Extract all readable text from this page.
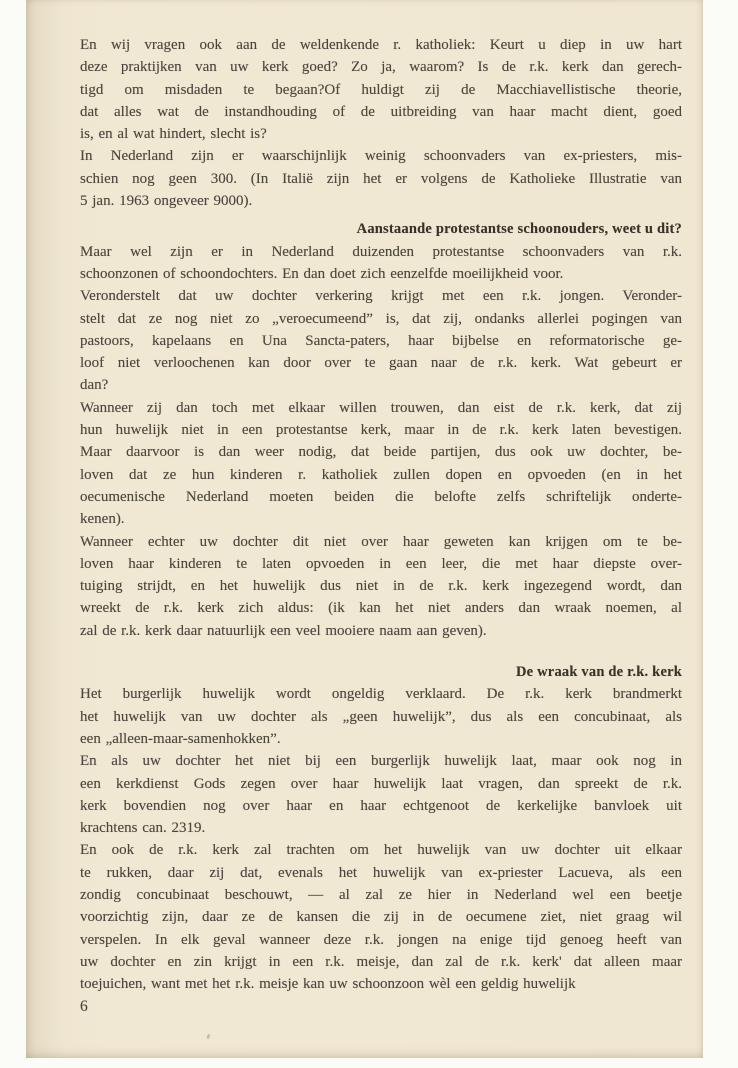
En wij vragen ook aan de weldenkende r. katholiek: Keurt u diep in uw hart
deze praktijken van uw kerk goed? Zo ja, waarom? Is de r.k. kerk dan gerech-
tigd om misdaden te begaan?Of huldigt zij de Macchiavellistische theorie,
dat alles wat de instandhouding of de uitbreiding van haar macht dient, goed
is, en al wat hindert, slecht is?
In Nederland zijn er waarschijnlijk weinig schoonvaders van ex-priesters, mis-
schien nog geen 300. (In Italië zijn het er volgens de Katholieke Illustratie van
5 jan. 1963 ongeveer 9000).
Aanstaande protestantse schoonouders, weet u dit?
Maar wel zijn er in Nederland duizenden protestantse schoonvaders van r.k.
schoonzonen of schoondochters. En dan doet zich eenzelfde moeilijkheid voor.
Veronderstelt dat uw dochter verkering krijgt met een r.k. jongen. Veronder-
stelt dat ze nog niet zo „veroecumeend” is, dat zij, ondanks allerlei pogingen van
pastoors, kapelaans en Una Sancta-paters, haar bijbelse en reformatorische ge-
loof niet verloochenen kan door over te gaan naar de r.k. kerk. Wat gebeurt er
dan?
Wanneer zij dan toch met elkaar willen trouwen, dan eist de r.k. kerk, dat zij
hun huwelijk niet in een protestantse kerk, maar in de r.k. kerk laten bevestigen.
Maar daarvoor is dan weer nodig, dat beide partijen, dus ook uw dochter, be-
loven dat ze hun kinderen r. katholiek zullen dopen en opvoeden (en in het
oecumenische Nederland moeten beiden die belofte zelfs schriftelijk onderte-
kenen).
Wanneer echter uw dochter dit niet over haar geweten kan krijgen om te be-
loven haar kinderen te laten opvoeden in een leer, die met haar diepste over-
tuiging strijdt, en het huwelijk dus niet in de r.k. kerk ingezegend wordt, dan
wreekt de r.k. kerk zich aldus: (ik kan het niet anders dan wraak noemen, al
zal de r.k. kerk daar natuurlijk een veel mooiere naam aan geven).
De wraak van de r.k. kerk
Het burgerlijk huwelijk wordt ongeldig verklaard. De r.k. kerk brandmerkt
het huwelijk van uw dochter als „geen huwelijk”, dus als een concubinaat, als
een „alleen-maar-samenhokken”.
En als uw dochter het niet bij een burgerlijk huwelijk laat, maar ook nog in
een kerkdienst Gods zegen over haar huwelijk laat vragen, dan spreekt de r.k.
kerk bovendien nog over haar en haar echtgenoot de kerkelijke banvloek uit
krachtens can. 2319.
En ook de r.k. kerk zal trachten om het huwelijk van uw dochter uit elkaar
te rukken, daar zij dat, evenals het huwelijk van ex-priester Lacueva, als een
zondig concubinaat beschouwt, — al zal ze hier in Nederland wel een beetje
voorzichtig zijn, daar ze de kansen die zij in de oecumene ziet, niet graag wil
verspelen. In elk geval wanneer deze r.k. jongen na enige tijd genoeg heeft van
uw dochter en zin krijgt in een r.k. meisje, dan zal de r.k. kerk' dat alleen maar
toejuichen, want met het r.k. meisje kan uw schoonzoon wèl een geldig huwelijk
6
